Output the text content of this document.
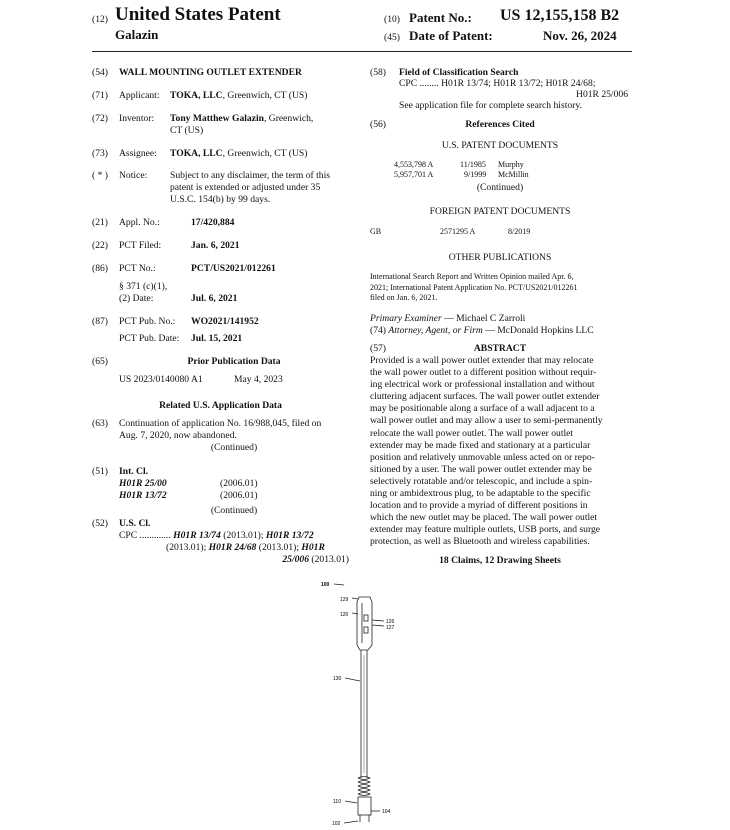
(12) United States Patent
Galazin
(10) Patent No.: US 12,155,158 B2
(45) Date of Patent:	Nov. 26, 2024
(54) WALL MOUNTING OUTLET EXTENDER
(71) Applicant: TOKA, LLC, Greenwich, CT (US)
(72) Inventor: Tony Matthew Galazin, Greenwich,
CT (US)
(73) Assignee: TOKA, LLC, Greenwich, CT (US)
( * ) Notice: Subject to any disclaimer, the term of this
patent is extended or adjusted under 35
U.S.C. 154(b) by 99 days.
(21) Appl. No.:	17/420,884
(22) PCT Filed:	Jan. 6, 2021
(86) PCT No.:	PCT/US2021/012261
§ 371 (c)(1),
(2) Date:	Jul. 6, 2021
(87) PCT Pub. No.: WO2021/141952
PCT Pub. Date: Jul. 15, 2021
(65)	Prior Publication Data
US 2023/0140080 A1	May 4, 2023
Related U.S. Application Data
(63) Continuation of application No. 16/988,045, filed on
Aug. 7, 2020, now abandoned.
(Continued)
(51) Int. Cl.
H01R 25/00	(2006.01)
H01R 13/72	(2006.01)
(Continued)
(52) U.S. Cl.
CPC ............. H01R 13/74 (2013.01); H01R 13/72
(2013.01); H01R 24/68 (2013.01); H01R
25/006 (2013.01)
(58) Field of Classification Search
CPC ........ H01R 13/74; H01R 13/72; H01R 24/68;
H01R 25/006
See application file for complete search history.
(56)	References Cited
U.S. PATENT DOCUMENTS
4,553,798 A	11/1985 Murphy
5,957,701 A	9/1999 McMillin
(Continued)
FOREIGN PATENT DOCUMENTS
GB	2571295 A	8/2019
OTHER PUBLICATIONS
International Search Report and Written Opinion mailed Apr. 6,
2021; International Patent Application No. PCT/US2021/012261
filed on Jan. 6, 2021.
Primary Examiner — Michael C Zarroli
(74) Attorney, Agent, or Firm — McDonald Hopkins LLC
(57)	ABSTRACT
Provided is a wall power outlet extender that may relocate
the wall power outlet to a different position without requir-
ing electrical work or professional installation and without
cluttering adjacent surfaces. The wall power outlet extender
may be positionable along a surface of a wall adjacent to a
wall power outlet and may allow a user to semi-permanently
relocate the wall power outlet. The wall power outlet
extender may be made fixed and stationary at a particular
position and relatively unmovable unless acted on or repo-
sitioned by a user. The wall power outlet extender may be
selectively rotatable and/or telescopic, and include a spin-
ning or ambidextrous plug, to be adaptable to the specific
location and to provide a myriad of different positions in
which the new outlet may be placed. The wall power outlet
extender may feature multiple outlets, USB ports, and surge
protection, as well as Bluetooth and wireless capabilities.
18 Claims, 12 Drawing Sheets
100
129
120
126
127
130
110
104
102
